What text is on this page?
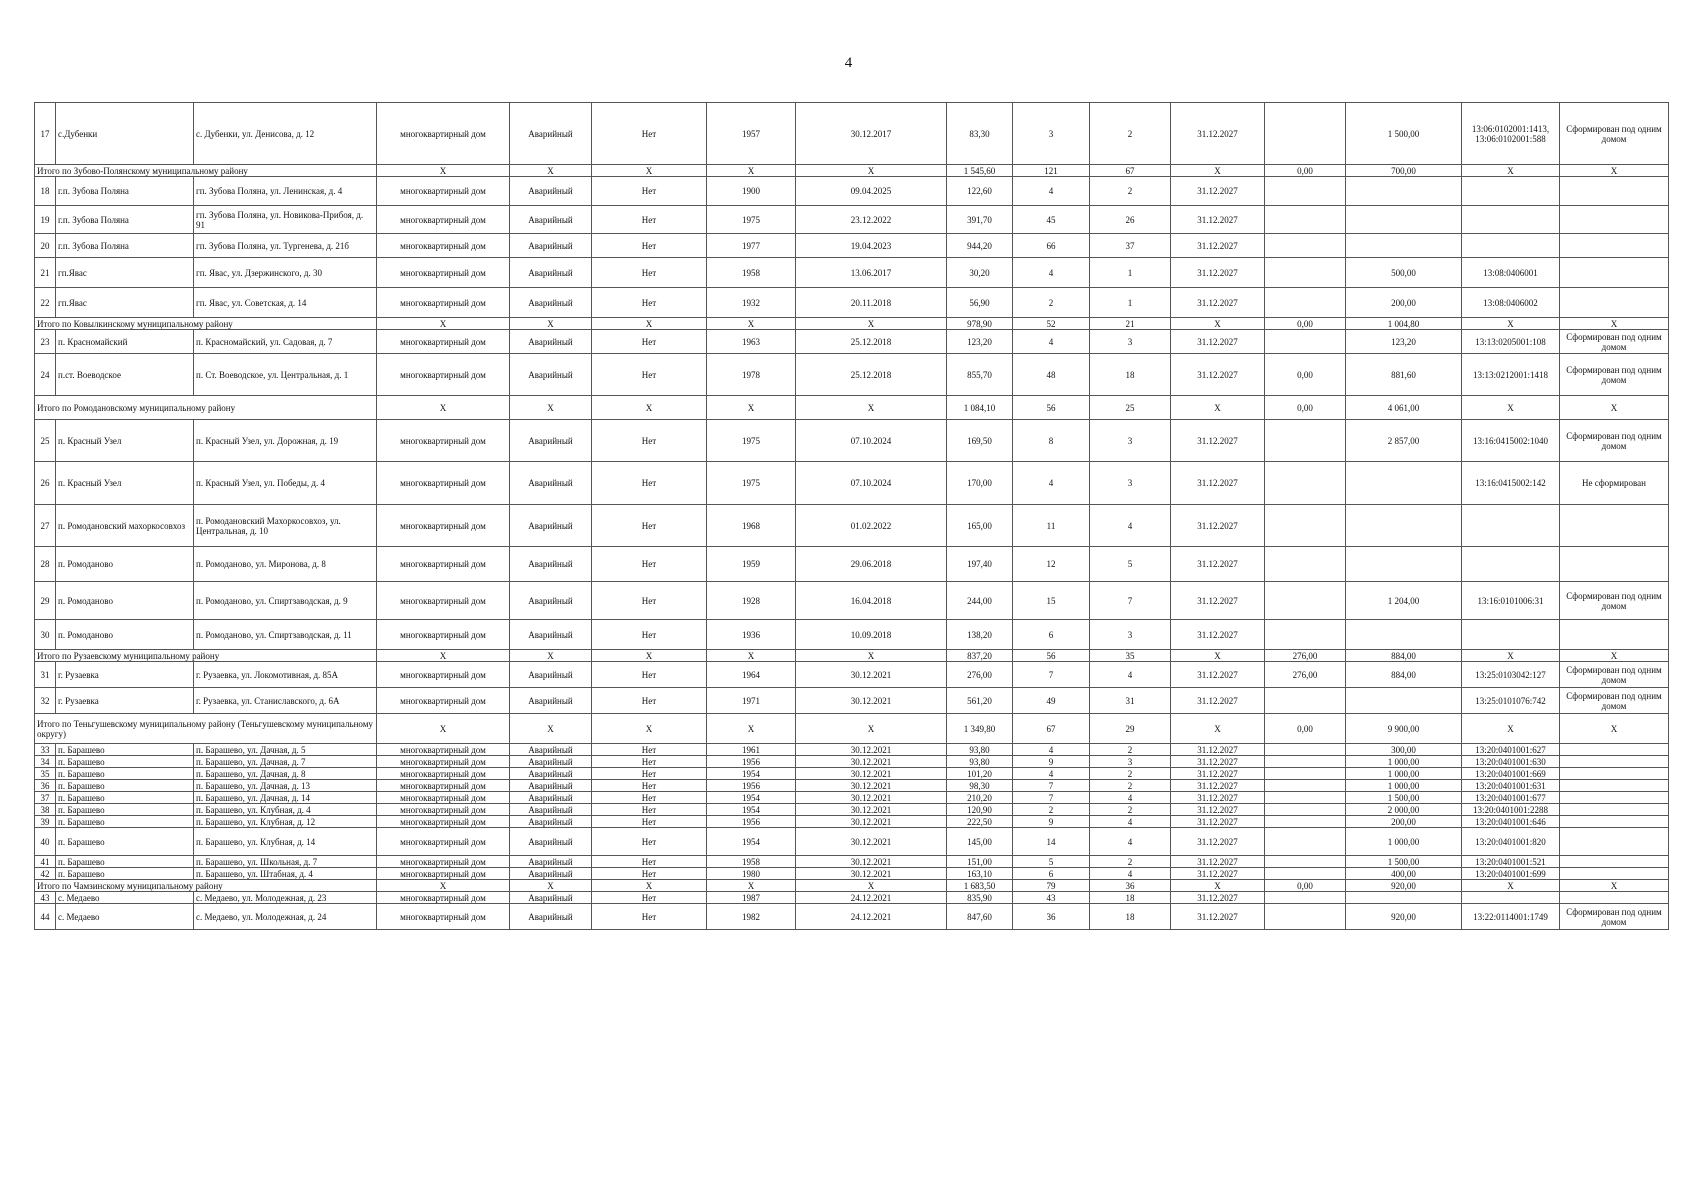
4
17	с.Дубенки	с. Дубенки, ул. Денисова, д. 12	многоквартирный дом	Аварийный	Нет	1957	30.12.2017	83,30	3	2	31.12.2027		1 500,00	13:06:0102001:1413, 13:06:0102001:588	Сформирован под одним домом
Итого по Зубово-Полянскому муниципальному району			X	X	X	X	X	1 545,60	121	67	X	0,00	700,00	X	X
18	г.п. Зубова Поляна	гп. Зубова Поляна, ул. Ленинская, д. 4	многоквартирный дом	Аварийный	Нет	1900	09.04.2025	122,60	4	2	31.12.2027				
19	г.п. Зубова Поляна	гп. Зубова Поляна, ул. Новикова-Прибоя, д. 91	многоквартирный дом	Аварийный	Нет	1975	23.12.2022	391,70	45	26	31.12.2027				
20	г.п. Зубова Поляна	гп. Зубова Поляна, ул. Тургенева, д. 21б	многоквартирный дом	Аварийный	Нет	1977	19.04.2023	944,20	66	37	31.12.2027				
21	гп.Явас	гп. Явас, ул. Дзержинского, д. 30	многоквартирный дом	Аварийный	Нет	1958	13.06.2017	30,20	4	1	31.12.2027		500,00	13:08:0406001	
22	гп.Явас	гп. Явас, ул. Советская, д. 14	многоквартирный дом	Аварийный	Нет	1932	20.11.2018	56,90	2	1	31.12.2027		200,00	13:08:0406002	
Итого по Ковылкинскому муниципальному району			X	X	X	X	X	978,90	52	21	X	0,00	1 004,80	X	X
23	п. Красномайский	п. Красномайский, ул. Садовая, д. 7	многоквартирный дом	Аварийный	Нет	1963	25.12.2018	123,20	4	3	31.12.2027		123,20	13:13:0205001:108	Сформирован под одним домом
24	п.ст. Воеводское	п. Ст. Воеводское, ул. Центральная, д. 1	многоквартирный дом	Аварийный	Нет	1978	25.12.2018	855,70	48	18	31.12.2027	0,00	881,60	13:13:0212001:1418	Сформирован под одним домом
Итого по Ромодановскому муниципальному району			X	X	X	X	X	1 084,10	56	25	X	0,00	4 061,00	X	X
25	п. Красный Узел	п. Красный Узел, ул. Дорожная, д. 19	многоквартирный дом	Аварийный	Нет	1975	07.10.2024	169,50	8	3	31.12.2027		2 857,00	13:16:0415002:1040	Сформирован под одним домом
26	п. Красный Узел	п. Красный Узел, ул. Победы, д. 4	многоквартирный дом	Аварийный	Нет	1975	07.10.2024	170,00	4	3	31.12.2027			13:16:0415002:142	Не сформирован
27	п. Ромодановский махоркосовхоз	п. Ромодановский Махоркосовхоз, ул. Центральная, д. 10	многоквартирный дом	Аварийный	Нет	1968	01.02.2022	165,00	11	4	31.12.2027				
28	п. Ромоданово	п. Ромоданово, ул. Миронова, д. 8	многоквартирный дом	Аварийный	Нет	1959	29.06.2018	197,40	12	5	31.12.2027				
29	п. Ромоданово	п. Ромоданово, ул. Спиртзаводская, д. 9	многоквартирный дом	Аварийный	Нет	1928	16.04.2018	244,00	15	7	31.12.2027		1 204,00	13:16:0101006:31	Сформирован под одним домом
30	п. Ромоданово	п. Ромоданово, ул. Спиртзаводская, д. 11	многоквартирный дом	Аварийный	Нет	1936	10.09.2018	138,20	6	3	31.12.2027				
Итого по Рузаевскому муниципальному району			X	X	X	X	X	837,20	56	35	X	276,00	884,00	X	X
31	г. Рузаевка	г. Рузаевка, ул. Локомотивная, д. 85А	многоквартирный дом	Аварийный	Нет	1964	30.12.2021	276,00	7	4	31.12.2027	276,00	884,00	13:25:0103042:127	Сформирован под одним домом
32	г. Рузаевка	г. Рузаевка, ул. Станиславского, д. 6А	многоквартирный дом	Аварийный	Нет	1971	30.12.2021	561,20	49	31	31.12.2027			13:25:0101076:742	Сформирован под одним домом
Итого по Теньгушевскому муниципальному району (Теньгушевскому муниципальному округу)			X	X	X	X	X	1 349,80	67	29	X	0,00	9 900,00	X	X
33	п. Барашево	п. Барашево, ул. Дачная, д. 5	многоквартирный дом	Аварийный	Нет	1961	30.12.2021	93,80	4	2	31.12.2027		300,00	13:20:0401001:627	
34	п. Барашево	п. Барашево, ул. Дачная, д. 7	многоквартирный дом	Аварийный	Нет	1956	30.12.2021	93,80	9	3	31.12.2027		1 000,00	13:20:0401001:630	
35	п. Барашево	п. Барашево, ул. Дачная, д. 8	многоквартирный дом	Аварийный	Нет	1954	30.12.2021	101,20	4	2	31.12.2027		1 000,00	13:20:0401001:669	
36	п. Барашево	п. Барашево, ул. Дачная, д. 13	многоквартирный дом	Аварийный	Нет	1956	30.12.2021	98,30	7	2	31.12.2027		1 000,00	13:20:0401001:631	
37	п. Барашево	п. Барашево, ул. Дачная, д. 14	многоквартирный дом	Аварийный	Нет	1954	30.12.2021	210,20	7	4	31.12.2027		1 500,00	13:20:0401001:677	
38	п. Барашево	п. Барашево, ул. Клубная, д. 4	многоквартирный дом	Аварийный	Нет	1954	30.12.2021	120,90	2	2	31.12.2027		2 000,00	13:20:0401001:2288	
39	п. Барашево	п. Барашево, ул. Клубная, д. 12	многоквартирный дом	Аварийный	Нет	1956	30.12.2021	222,50	9	4	31.12.2027		200,00	13:20:0401001:646	
40	п. Барашево	п. Барашево, ул. Клубная, д. 14	многоквартирный дом	Аварийный	Нет	1954	30.12.2021	145,00	14	4	31.12.2027		1 000,00	13:20:0401001:820	
41	п. Барашево	п. Барашево, ул. Школьная, д. 7	многоквартирный дом	Аварийный	Нет	1958	30.12.2021	151,00	5	2	31.12.2027		1 500,00	13:20:0401001:521	
42	п. Барашево	п. Барашево, ул. Штабная, д. 4	многоквартирный дом	Аварийный	Нет	1980	30.12.2021	163,10	6	4	31.12.2027		400,00	13:20:0401001:699	
Итого по Чамзинскому муниципальному району			X	X	X	X	X	1 683,50	79	36	X	0,00	920,00	X	X
43	с. Медаево	с. Медаево, ул. Молодежная, д. 23	многоквартирный дом	Аварийный	Нет	1987	24.12.2021	835,90	43	18	31.12.2027				
44	с. Медаево	с. Медаево, ул. Молодежная, д. 24	многоквартирный дом	Аварийный	Нет	1982	24.12.2021	847,60	36	18	31.12.2027		920,00	13:22:0114001:1749	Сформирован под одним домом
